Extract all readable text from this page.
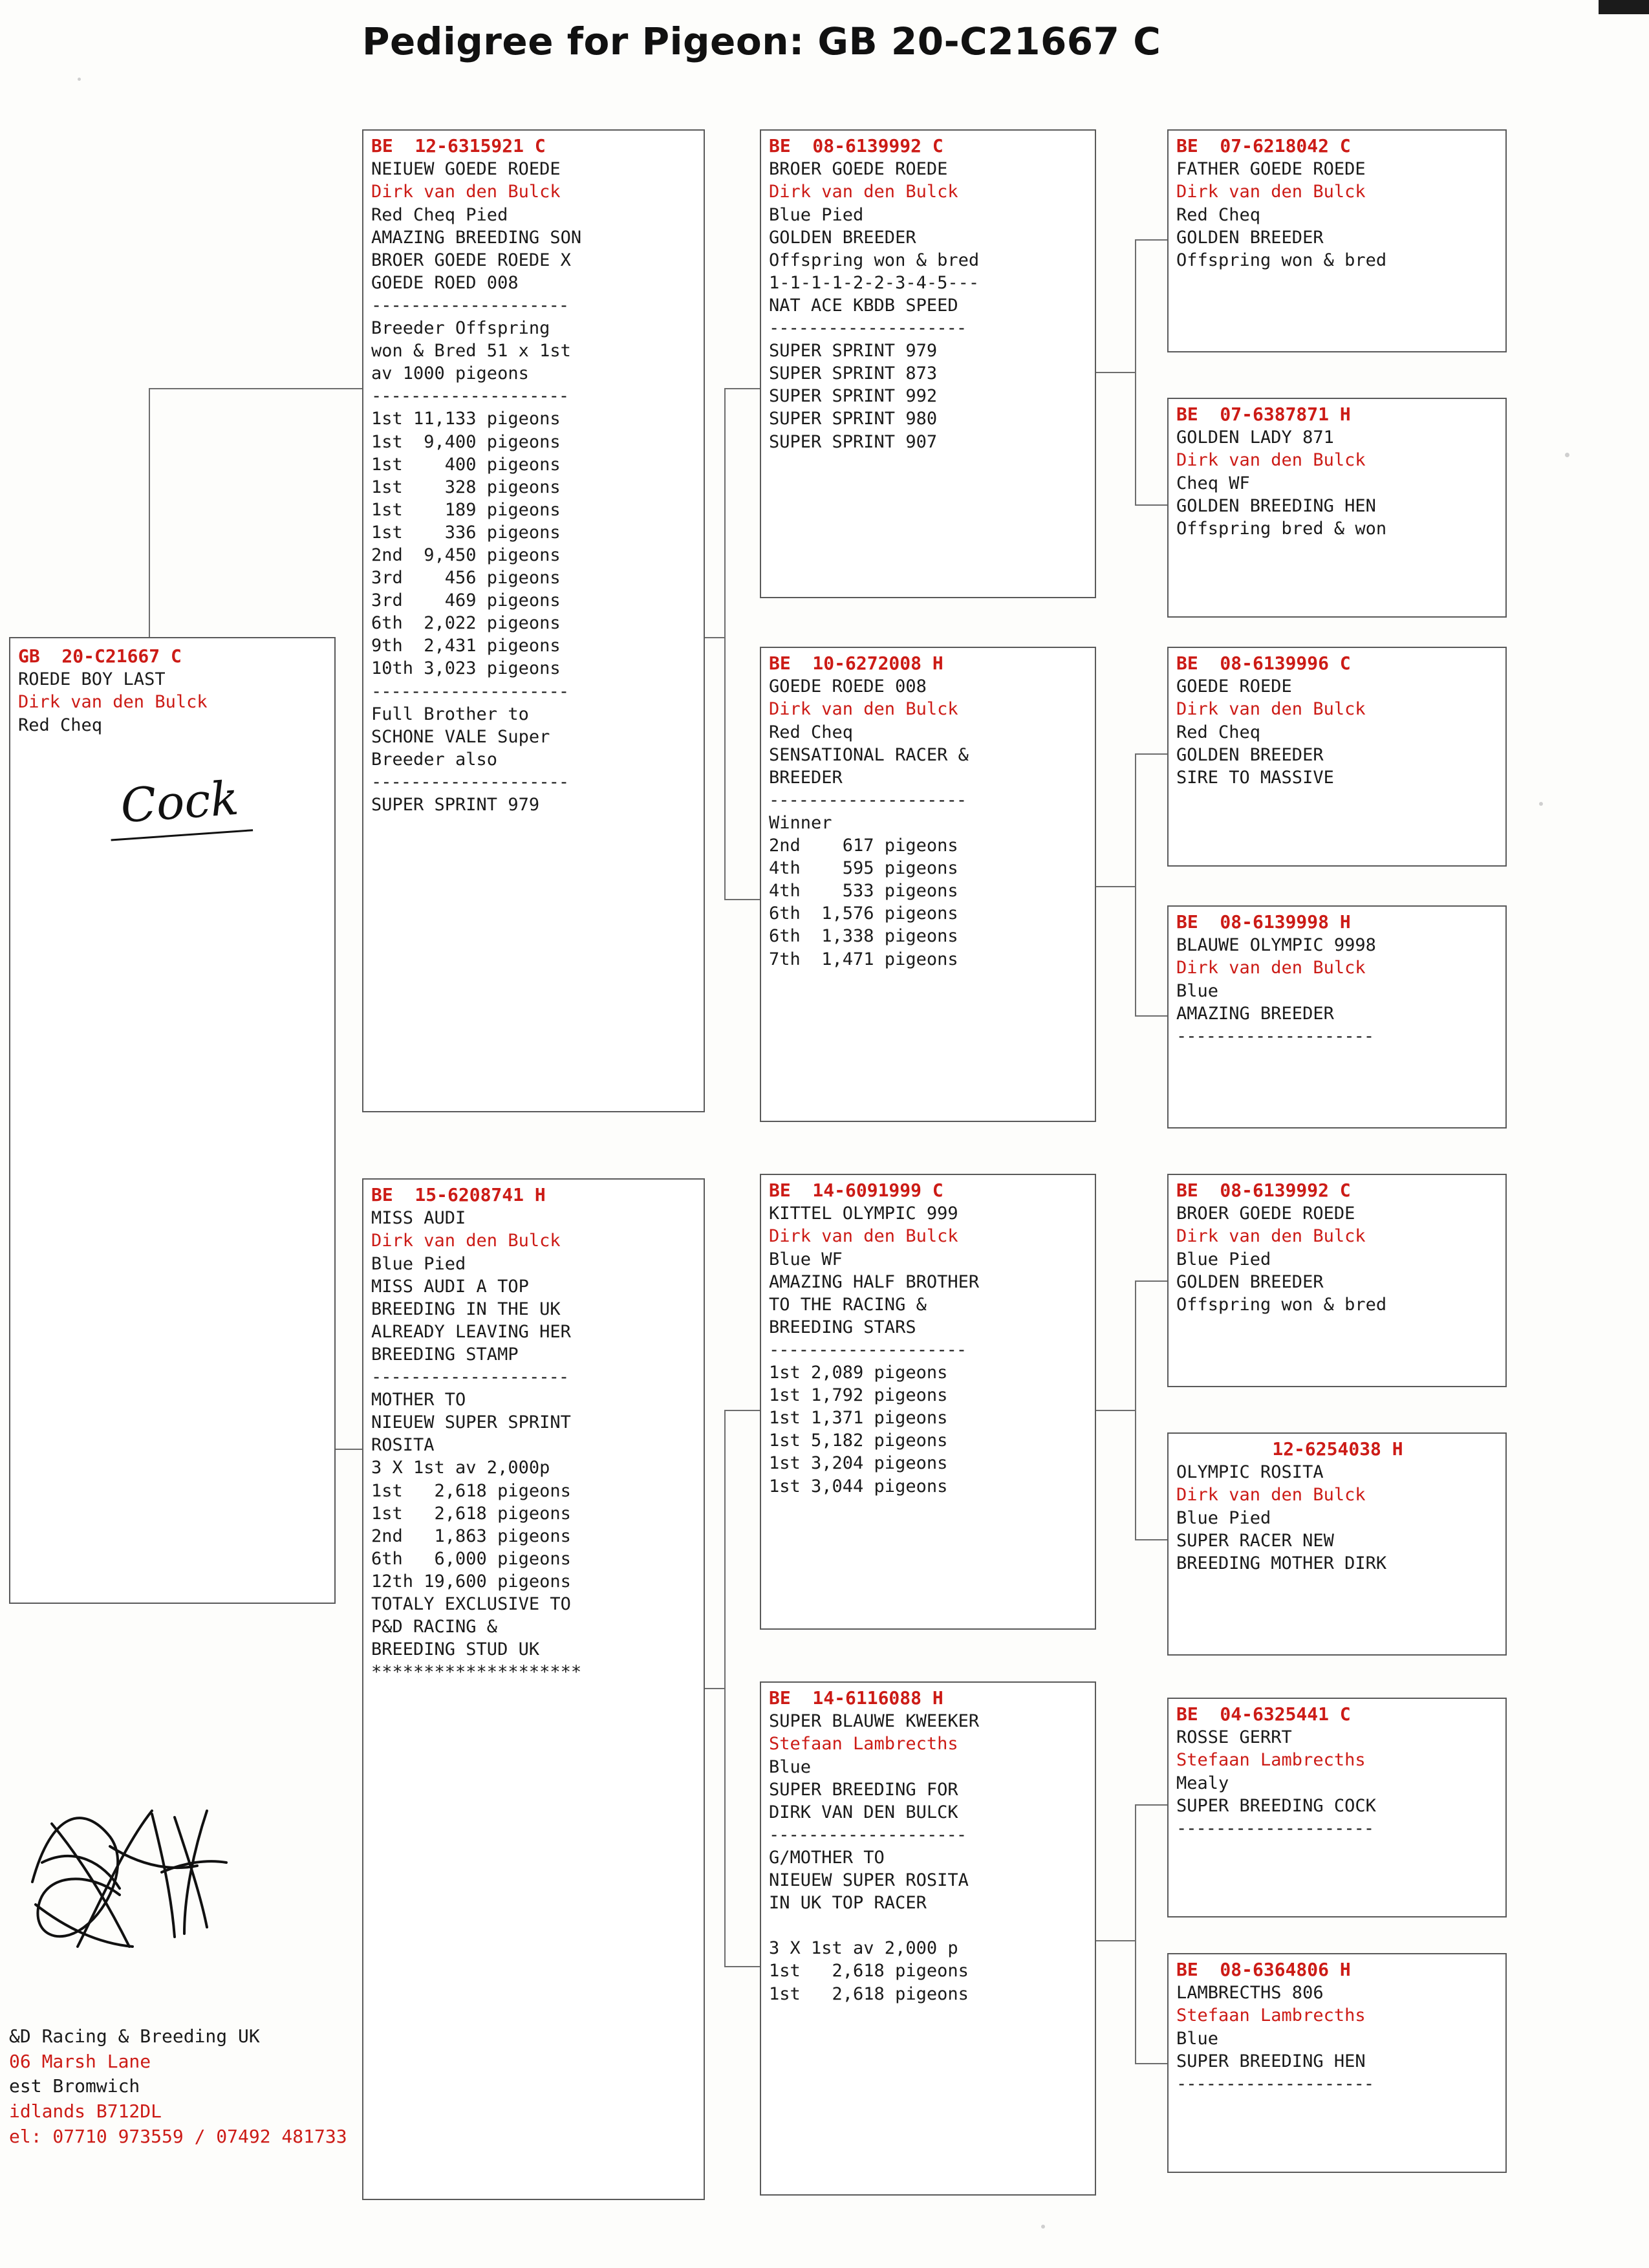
Pedigree for Pigeon: GB 20-C21667 C
GB  20-C21667 C
ROEDE BOY LAST
Dirk van den Bulck
Red Cheq
Cock
BE  12-6315921 C
NEIUEW GOEDE ROEDE
Dirk van den Bulck
Red Cheq Pied
AMAZING BREEDING SON
BROER GOEDE ROEDE X
GOEDE ROED 008
--------------------
Breeder Offspring
won & Bred 51 x 1st
av 1000 pigeons
--------------------
1st 11,133 pigeons
1st  9,400 pigeons
1st    400 pigeons
1st    328 pigeons
1st    189 pigeons
1st    336 pigeons
2nd  9,450 pigeons
3rd    456 pigeons
3rd    469 pigeons
6th  2,022 pigeons
9th  2,431 pigeons
10th 3,023 pigeons
--------------------
Full Brother to
SCHONE VALE Super
Breeder also
--------------------
SUPER SPRINT 979
BE  15-6208741 H
MISS AUDI
Dirk van den Bulck
Blue Pied
MISS AUDI A TOP
BREEDING IN THE UK
ALREADY LEAVING HER
BREEDING STAMP
--------------------
MOTHER TO
NIEUEW SUPER SPRINT
ROSITA
3 X 1st av 2,000p
1st   2,618 pigeons
1st   2,618 pigeons
2nd   1,863 pigeons
6th   6,000 pigeons
12th 19,600 pigeons
TOTALY EXCLUSIVE TO
P&D RACING &
BREEDING STUD UK
********************
BE  08-6139992 C
BROER GOEDE ROEDE
Dirk van den Bulck
Blue Pied
GOLDEN BREEDER
Offspring won & bred
1-1-1-1-2-2-3-4-5---
NAT ACE KBDB SPEED
--------------------
SUPER SPRINT 979
SUPER SPRINT 873
SUPER SPRINT 992
SUPER SPRINT 980
SUPER SPRINT 907
BE  10-6272008 H
GOEDE ROEDE 008
Dirk van den Bulck
Red Cheq
SENSATIONAL RACER &
BREEDER
--------------------
Winner
2nd    617 pigeons
4th    595 pigeons
4th    533 pigeons
6th  1,576 pigeons
6th  1,338 pigeons
7th  1,471 pigeons
BE  14-6091999 C
KITTEL OLYMPIC 999
Dirk van den Bulck
Blue WF
AMAZING HALF BROTHER
TO THE RACING &
BREEDING STARS
--------------------
1st 2,089 pigeons
1st 1,792 pigeons
1st 1,371 pigeons
1st 5,182 pigeons
1st 3,204 pigeons
1st 3,044 pigeons
BE  14-6116088 H
SUPER BLAUWE KWEEKER
Stefaan Lambrecths
Blue
SUPER BREEDING FOR
DIRK VAN DEN BULCK
--------------------
G/MOTHER TO
NIEUEW SUPER ROSITA
IN UK TOP RACER

3 X 1st av 2,000 p
1st   2,618 pigeons
1st   2,618 pigeons
BE  07-6218042 C
FATHER GOEDE ROEDE
Dirk van den Bulck
Red Cheq
GOLDEN BREEDER
Offspring won & bred
BE  07-6387871 H
GOLDEN LADY 871
Dirk van den Bulck
Cheq WF
GOLDEN BREEDING HEN
Offspring bred & won
BE  08-6139996 C
GOEDE ROEDE
Dirk van den Bulck
Red Cheq
GOLDEN BREEDER
SIRE TO MASSIVE
BE  08-6139998 H
BLAUWE OLYMPIC 9998
Dirk van den Bulck
Blue
AMAZING BREEDER
--------------------
BE  08-6139992 C
BROER GOEDE ROEDE
Dirk van den Bulck
Blue Pied
GOLDEN BREEDER
Offspring won & bred
12-6254038 H
OLYMPIC ROSITA
Dirk van den Bulck
Blue Pied
SUPER RACER NEW
BREEDING MOTHER DIRK
BE  04-6325441 C
ROSSE GERRT
Stefaan Lambrecths
Mealy
SUPER BREEDING COCK
--------------------
BE  08-6364806 H
LAMBRECTHS 806
Stefaan Lambrecths
Blue
SUPER BREEDING HEN
--------------------
&D Racing & Breeding UK
06 Marsh Lane
est Bromwich
idlands B712DL
el: 07710 973559 / 07492 481733
